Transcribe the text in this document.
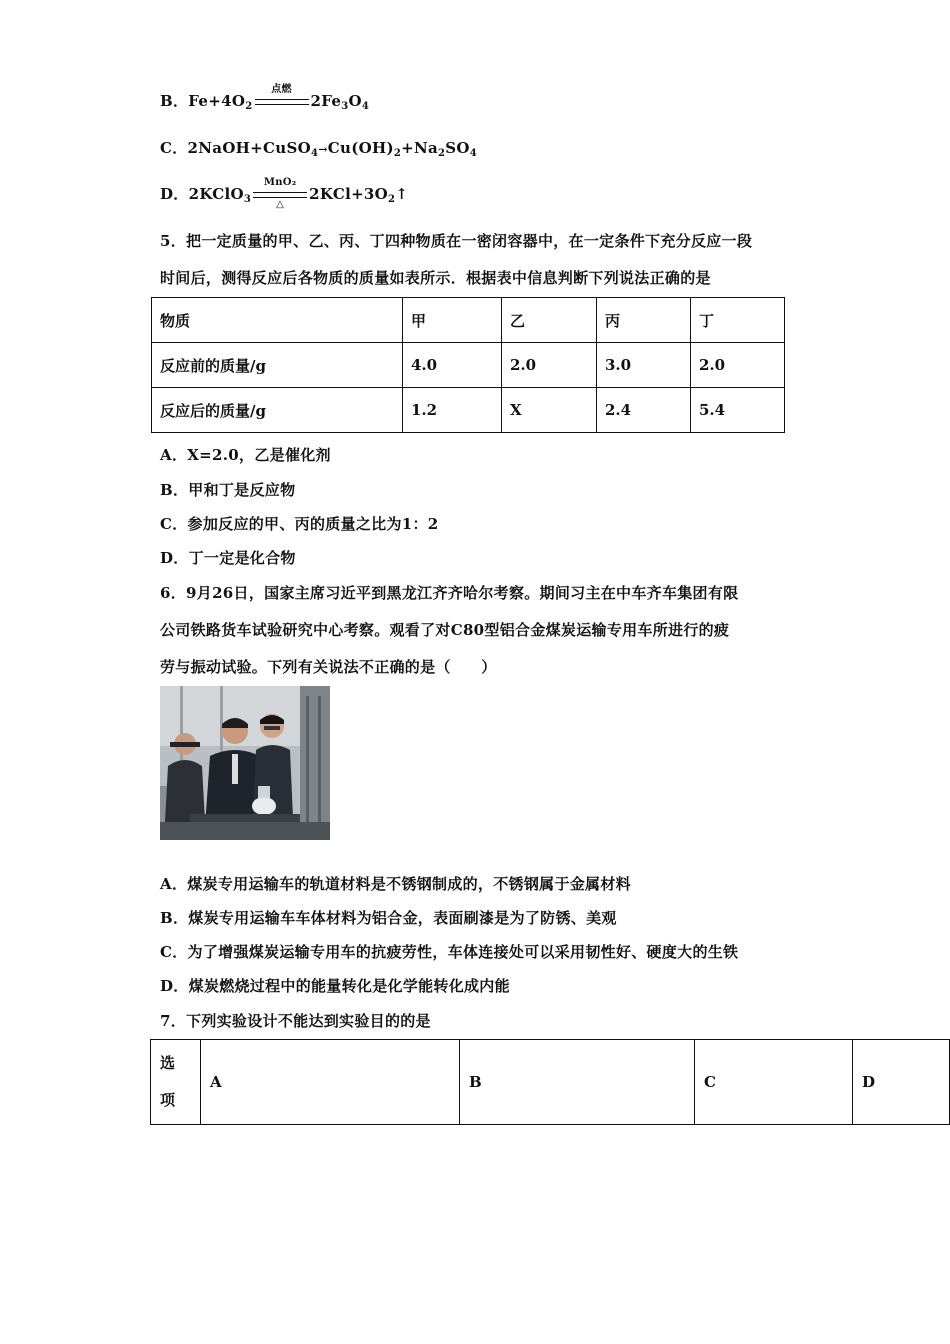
B．$Fe+4O_2$
点燃
$2Fe_3O_4$
C．$2NaOH+CuSO_4\to Cu(OH)_2+Na_2SO_4$
D．2KClO$_3$
MnO₂
△
$2KCl+3O_2↑$
5．把一定质量的甲、乙、丙、丁四种物质在一密闭容器中，在一定条件下充分反应一段
时间后，测得反应后各物质的质量如表所示．根据表中信息判断下列说法正确的是
物质	甲	乙	丙	丁
反应前的质量/g	4.0	2.0	3.0	2.0
反应后的质量/g	1.2	X	2.4	5.4
A．X=2.0，乙是催化剂
B．甲和丁是反应物
C．参加反应的甲、丙的质量之比为1：2
D．丁一定是化合物
6．9月26日，国家主席习近平到黑龙江齐齐哈尔考察。期间习主在中车齐车集团有限
公司铁路货车试验研究中心考察。观看了对C80型铝合金煤炭运输专用车所进行的疲
劳与振动试验。下列有关说法不正确的是（　　）
A．煤炭专用运输车的轨道材料是不锈钢制成的，不锈钢属于金属材料
B．煤炭专用运输车车体材料为铝合金，表面刷漆是为了防锈、美观
C．为了增强煤炭运输专用车的抗疲劳性，车体连接处可以采用韧性好、硬度大的生铁
D．煤炭燃烧过程中的能量转化是化学能转化成内能
7．下列实验设计不能达到实验目的的是
选
项
	A	B	C	D
